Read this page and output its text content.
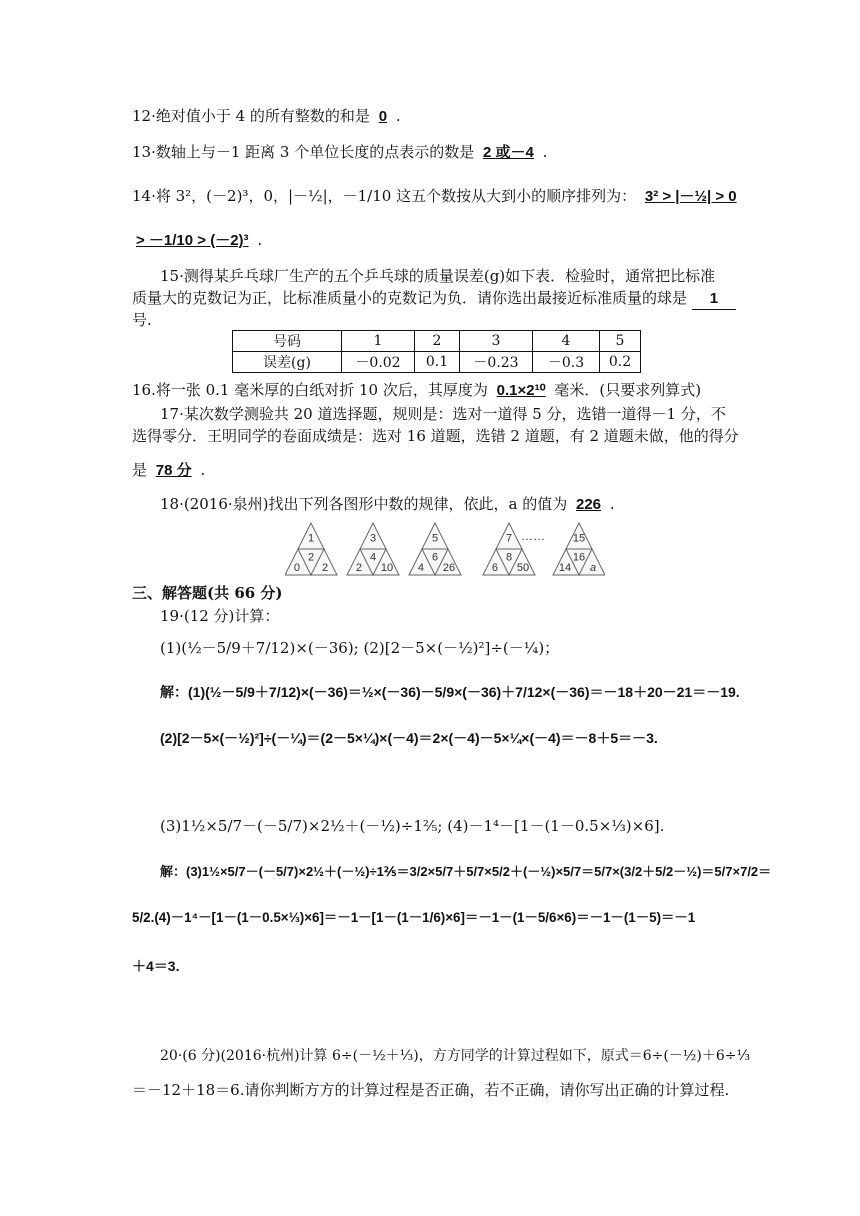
12·绝对值小于 4 的所有整数的和是 0 .
13·数轴上与－1 距离 3 个单位长度的点表示的数是 2 或－4 .
14·将 3²，(－2)³，0，|－½|，－1/10 这五个数按从大到小的顺序排列为： 3² > |－½| > 0
> －1/10 > (－2)³ .
15·测得某乒乓球厂生产的五个乒乓球的质量误差(g)如下表．检验时，通常把比标准
质量大的克数记为正，比标准质量小的克数记为负．请你选出最接近标准质量的球是 1
号.
号码	1	2	3	4	5
误差(g)	－0.02	0.1	－0.23	－0.3	0.2
16.将一张 0.1 毫米厚的白纸对折 10 次后，其厚度为 0.1×2¹⁰ 毫米．(只要求列算式)
17·某次数学测验共 20 道选择题，规则是：选对一道得 5 分，选错一道得－1 分，不
选得零分．王明同学的卷面成绩是：选对 16 道题，选错 2 道题，有 2 道题未做，他的得分
是 78 分 .
18·(2016·泉州)找出下列各图形中数的规律，依此，a 的值为 226 .
1
2
0 2
3
4
2 10
5
6
4 26
7
8
6 50
15
16
14 a
……
三、解答题(共 66 分)
19·(12 分)计算：
(1)(½－5/9＋7/12)×(－36); (2)[2－5×(－½)²]÷(－¼)；
解：(1)(½－5/9＋7/12)×(－36)＝½×(－36)－5/9×(－36)＋7/12×(－36)＝－18＋20－21＝－19.
(2)[2－5×(－½)²]÷(－¼)＝(2－5×¼)×(－4)＝2×(－4)－5×¼×(－4)＝－8＋5＝－3.
(3)1½×5/7－(－5/7)×2½＋(－½)÷1⅖; (4)－1⁴－[1－(1－0.5×⅓)×6].
解：(3)1½×5/7－(－5/7)×2½＋(－½)÷1⅖＝3/2×5/7＋5/7×5/2＋(－½)×5/7＝5/7×(3/2＋5/2－½)＝5/7×7/2＝
5/2.(4)－1⁴－[1－(1－0.5×⅓)×6]＝－1－[1－(1－1/6)×6]＝－1－(1－5/6×6)＝－1－(1－5)＝－1
＋4＝3.
20·(6 分)(2016·杭州)计算 6÷(－½＋⅓)，方方同学的计算过程如下，原式＝6÷(－½)＋6÷⅓
＝－12＋18＝6.请你判断方方的计算过程是否正确，若不正确，请你写出正确的计算过程.
